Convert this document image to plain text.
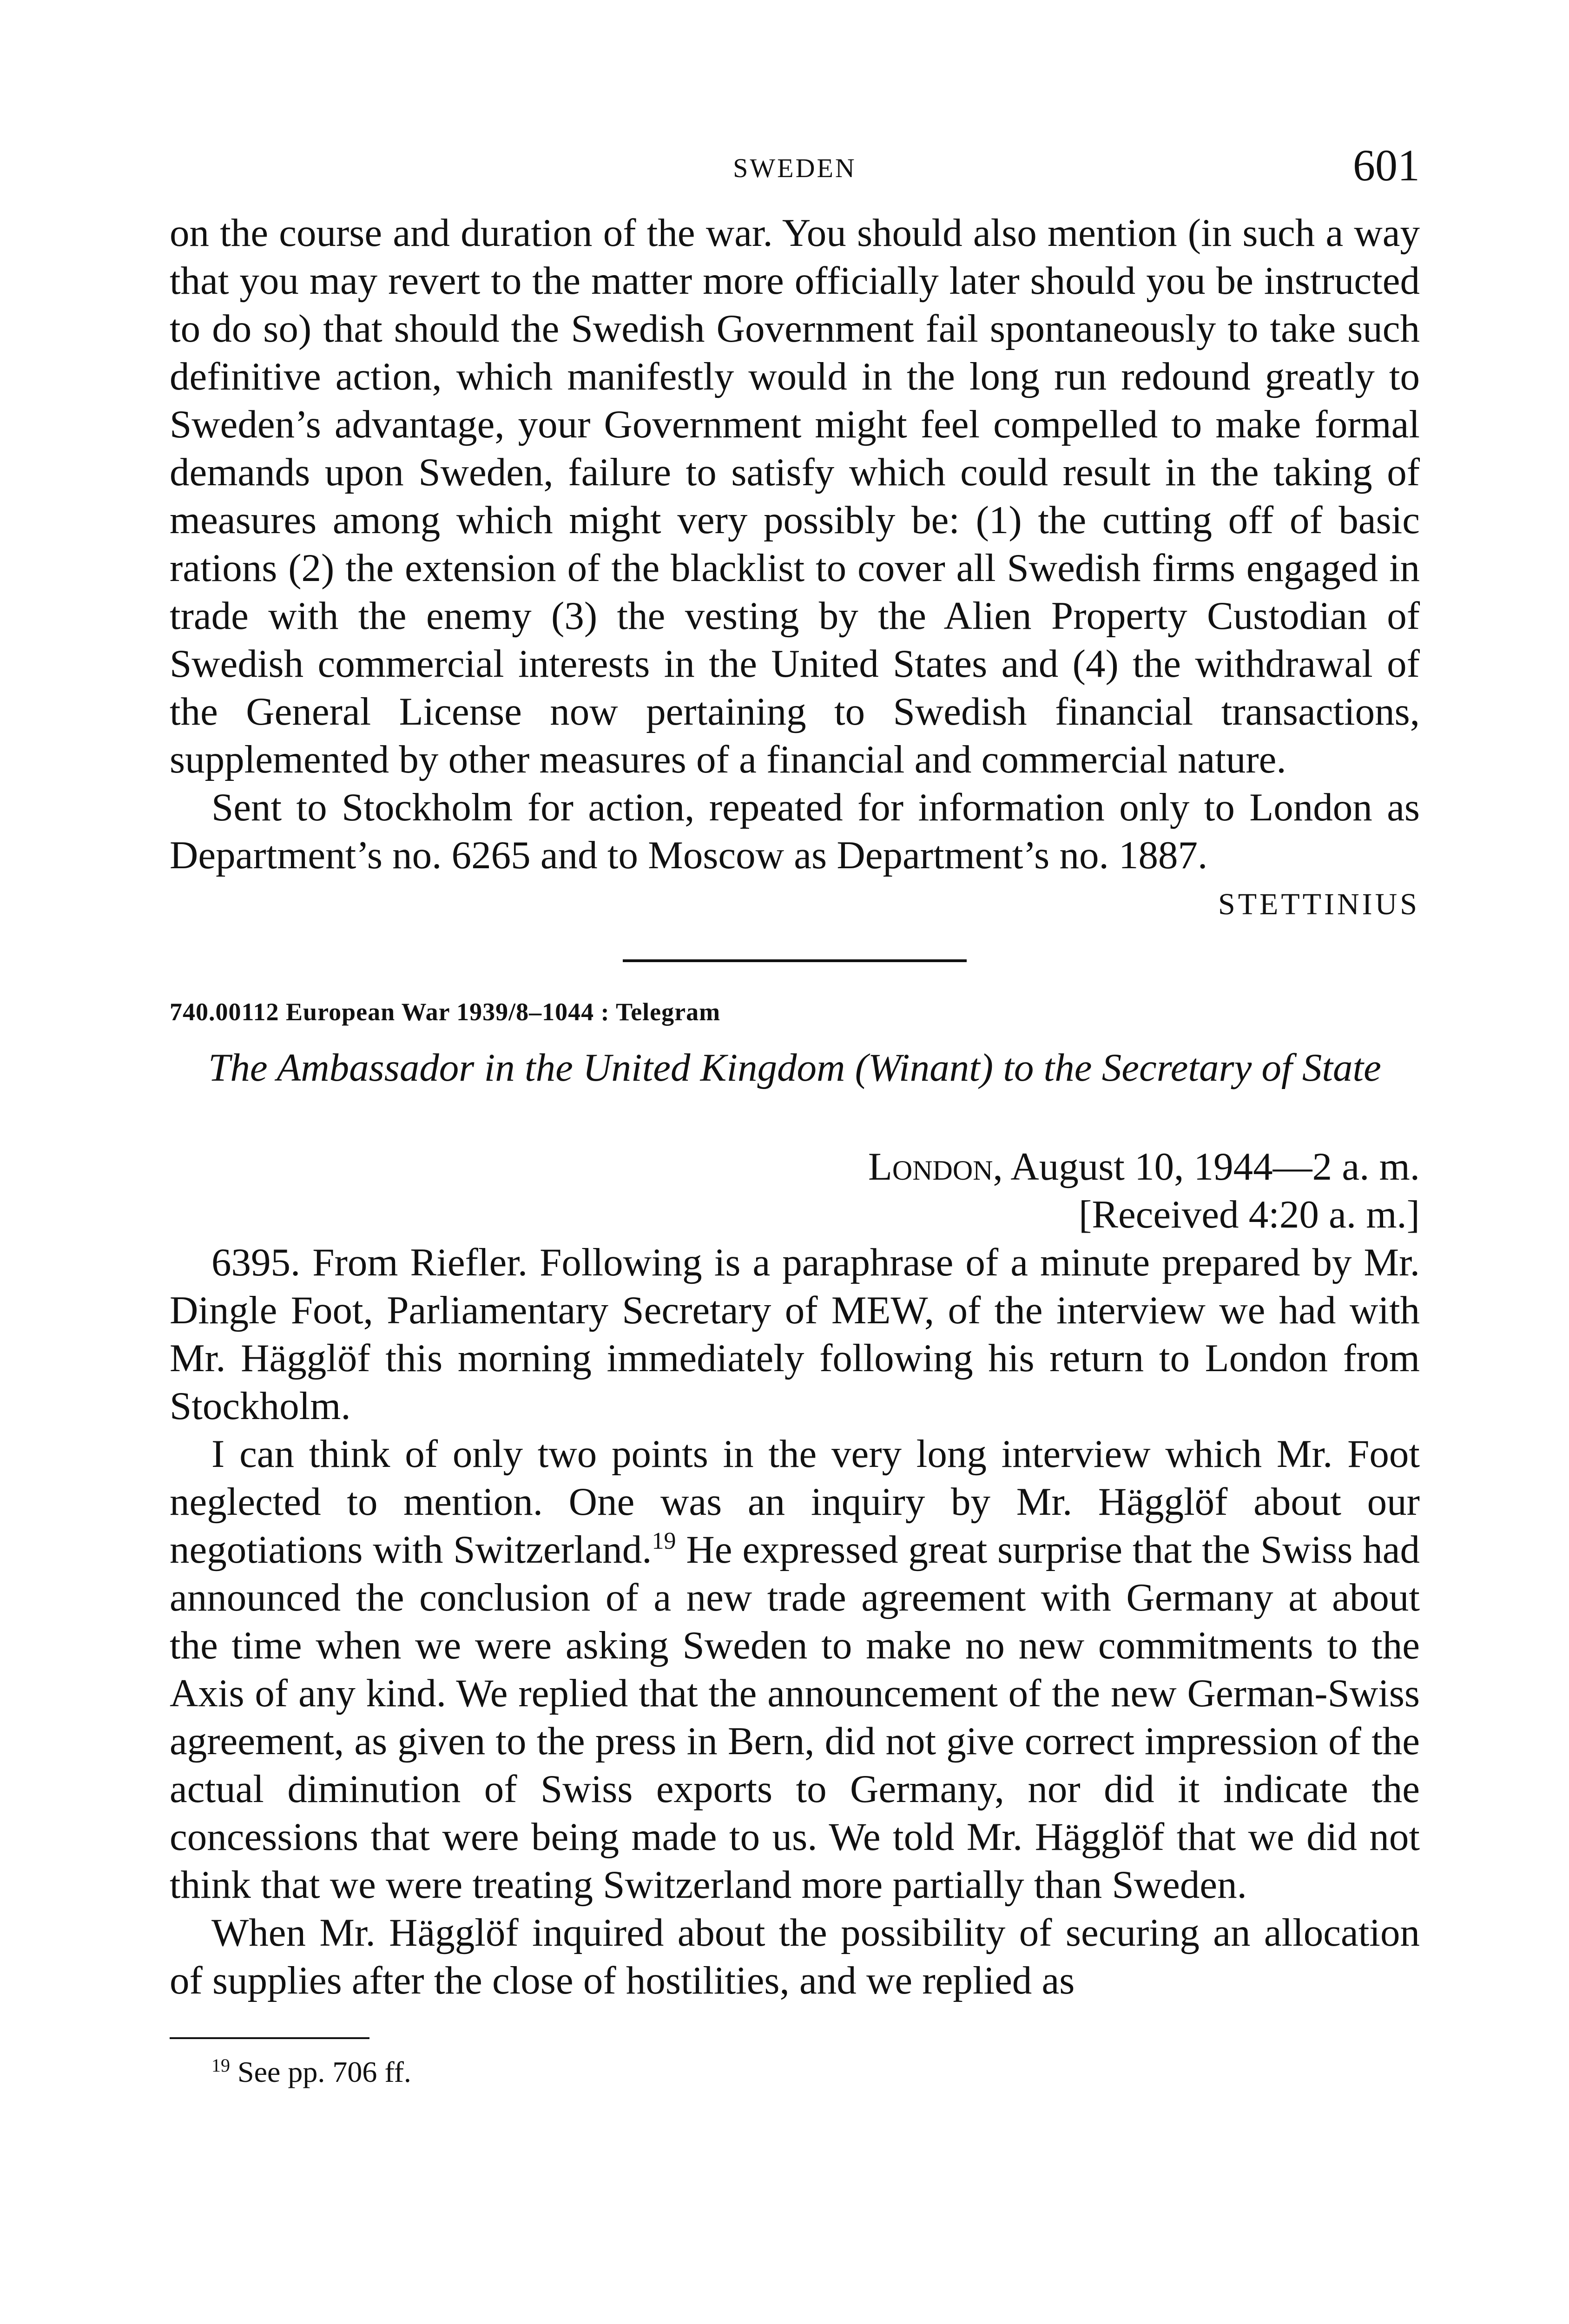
SWEDEN	601

on the course and duration of the war. You should also mention (in such a way that you may revert to the matter more officially later should you be instructed to do so) that should the Swedish Government fail spontaneously to take such definitive action, which manifestly would in the long run redound greatly to Sweden’s advantage, your Government might feel compelled to make formal demands upon Sweden, failure to satisfy which could result in the taking of measures among which might very possibly be: (1) the cutting off of basic rations (2) the extension of the blacklist to cover all Swedish firms engaged in trade with the enemy (3) the vesting by the Alien Property Custodian of Swedish commercial interests in the United States and (4) the withdrawal of the General License now pertaining to Swedish financial transactions, supplemented by other measures of a financial and commercial nature.

Sent to Stockholm for action, repeated for information only to London as Department’s no. 6265 and to Moscow as Department’s no. 1887.

STETTINIUS
740.00112 European War 1939/8–1044 : Telegram
The Ambassador in the United Kingdom (Winant) to the Secretary of State
London, August 10, 1944—2 a. m.
[Received 4:20 a. m.]

6395. From Riefler. Following is a paraphrase of a minute prepared by Mr. Dingle Foot, Parliamentary Secretary of MEW, of the interview we had with Mr. Hägglöf this morning immediately following his return to London from Stockholm.

I can think of only two points in the very long interview which Mr. Foot neglected to mention. One was an inquiry by Mr. Hägglöf about our negotiations with Switzerland.$^{19}$ He expressed great surprise that the Swiss had announced the conclusion of a new trade agreement with Germany at about the time when we were asking Sweden to make no new commitments to the Axis of any kind. We replied that the announcement of the new German-Swiss agreement, as given to the press in Bern, did not give correct impression of the actual diminution of Swiss exports to Germany, nor did it indicate the concessions that were being made to us. We told Mr. Hägglöf that we did not think that we were treating Switzerland more partially than Sweden.

When Mr. Hägglöf inquired about the possibility of securing an allocation of supplies after the close of hostilities, and we replied as

$^{19}$ See pp. 706 ff.
